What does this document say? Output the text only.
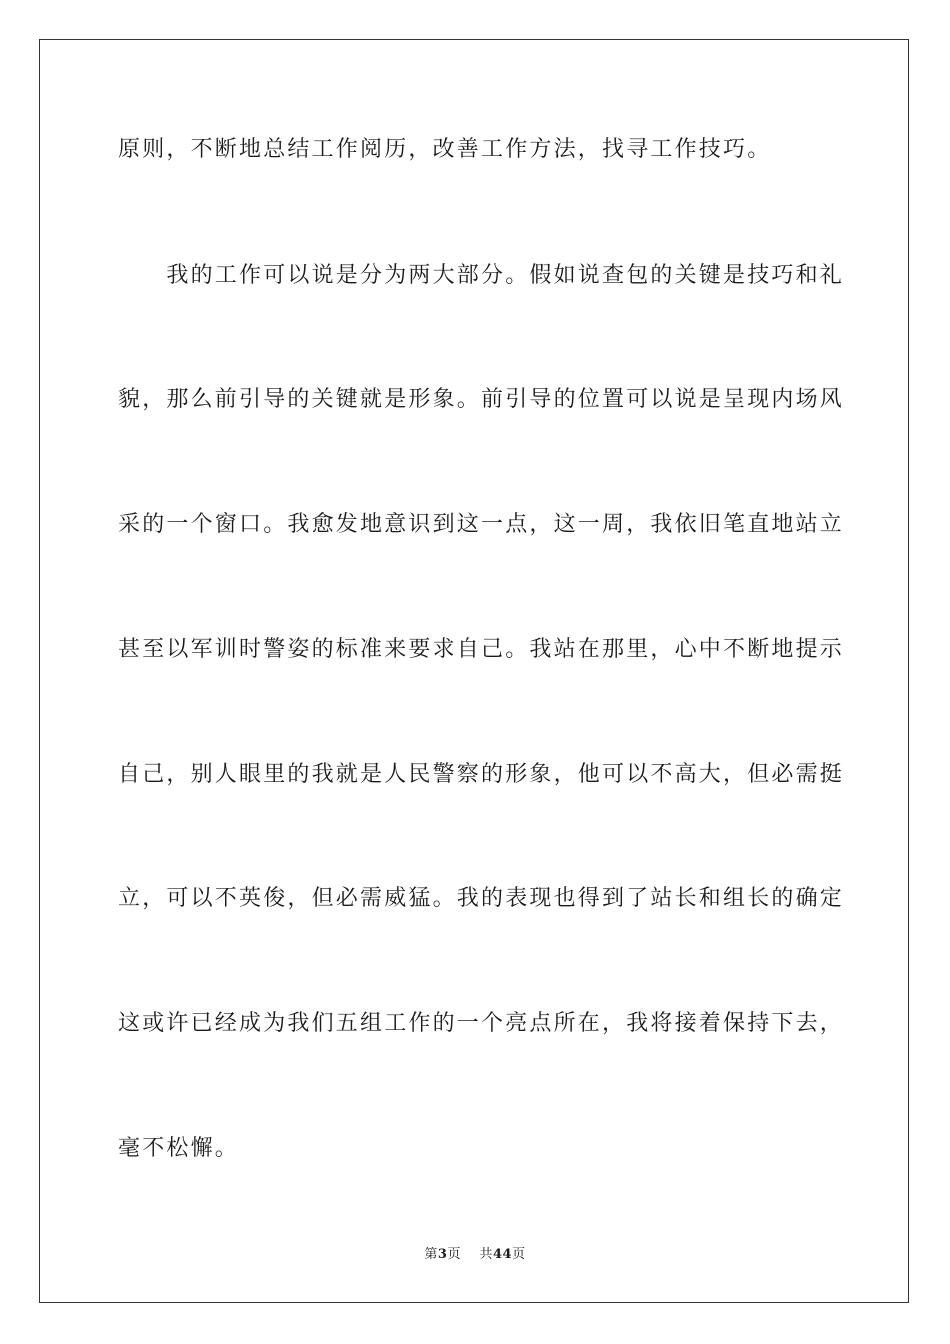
原则，不断地总结工作阅历，改善工作方法，找寻工作技巧。
　　我的工作可以说是分为两大部分。假如说查包的关键是技巧和礼
貌，那么前引导的关键就是形象。前引导的位置可以说是呈现内场风
采的一个窗口。我愈发地意识到这一点，这一周，我依旧笔直地站立
甚至以军训时警姿的标准来要求自己。我站在那里，心中不断地提示
自己，别人眼里的我就是人民警察的形象，他可以不高大，但必需挺
立，可以不英俊，但必需威猛。我的表现也得到了站长和组长的确定
这或许已经成为我们五组工作的一个亮点所在，我将接着保持下去，
毫不松懈。
第3页 共44页
